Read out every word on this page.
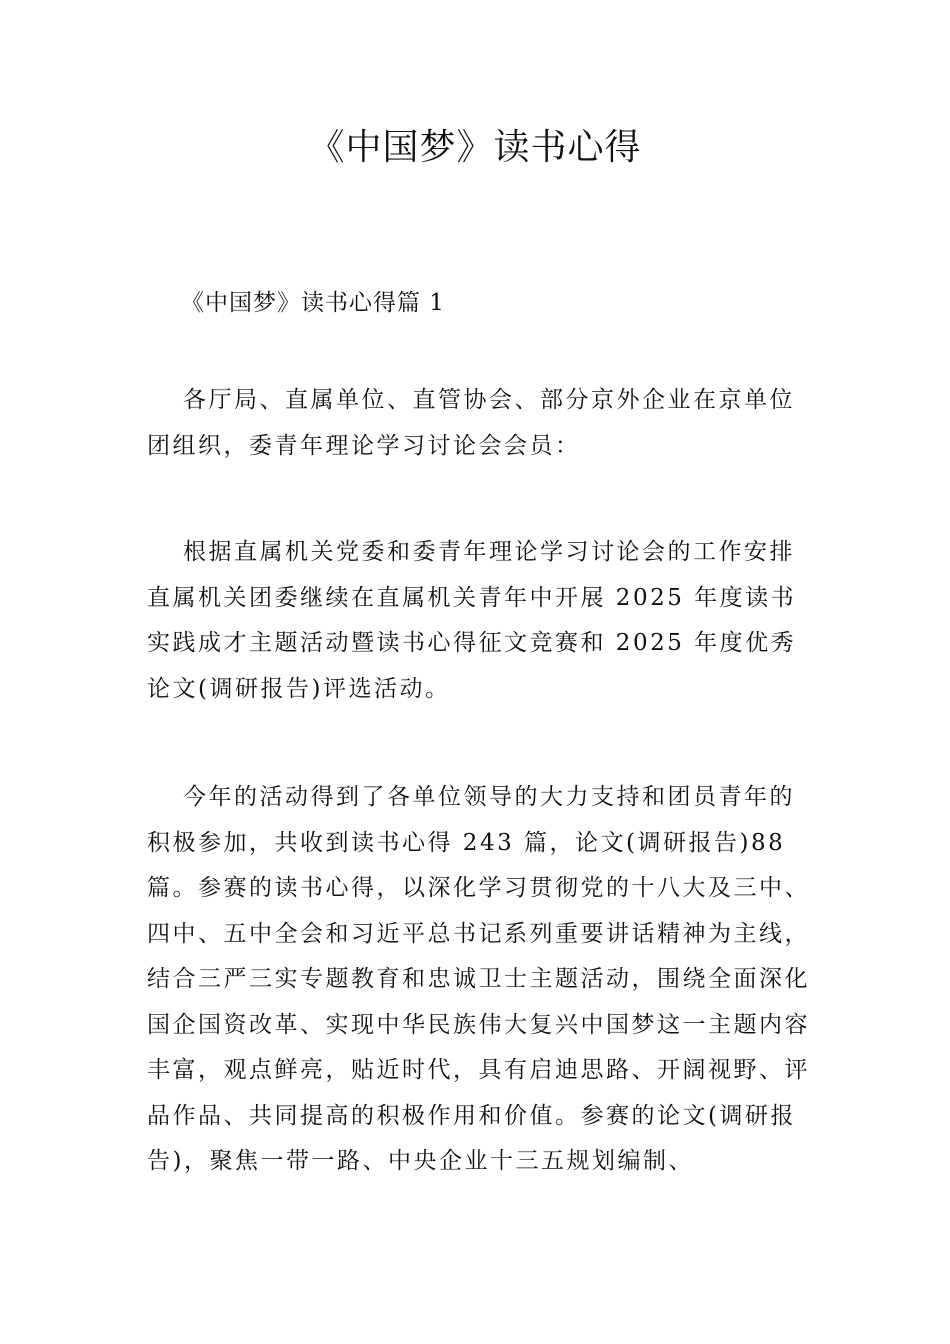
《中国梦》读书心得
《中国梦》读书心得篇 1

各厅局、直属单位、直管协会、部分京外企业在京单位团组织，委青年理论学习讨论会会员：

根据直属机关党委和委青年理论学习讨论会的工作安排直属机关团委继续在直属机关青年中开展 2025 年度读书实践成才主题活动暨读书心得征文竞赛和 2025 年度优秀论文(调研报告)评选活动。

今年的活动得到了各单位领导的大力支持和团员青年的积极参加，共收到读书心得 243 篇，论文(调研报告)88 篇。参赛的读书心得，以深化学习贯彻党的十八大及三中、四中、五中全会和习近平总书记系列重要讲话精神为主线，结合三严三实专题教育和忠诚卫士主题活动，围绕全面深化国企国资改革、实现中华民族伟大复兴中国梦这一主题内容丰富，观点鲜亮，贴近时代，具有启迪思路、开阔视野、评品作品、共同提高的积极作用和价值。参赛的论文(调研报告)，聚焦一带一路、中央企业十三五规划编制、
